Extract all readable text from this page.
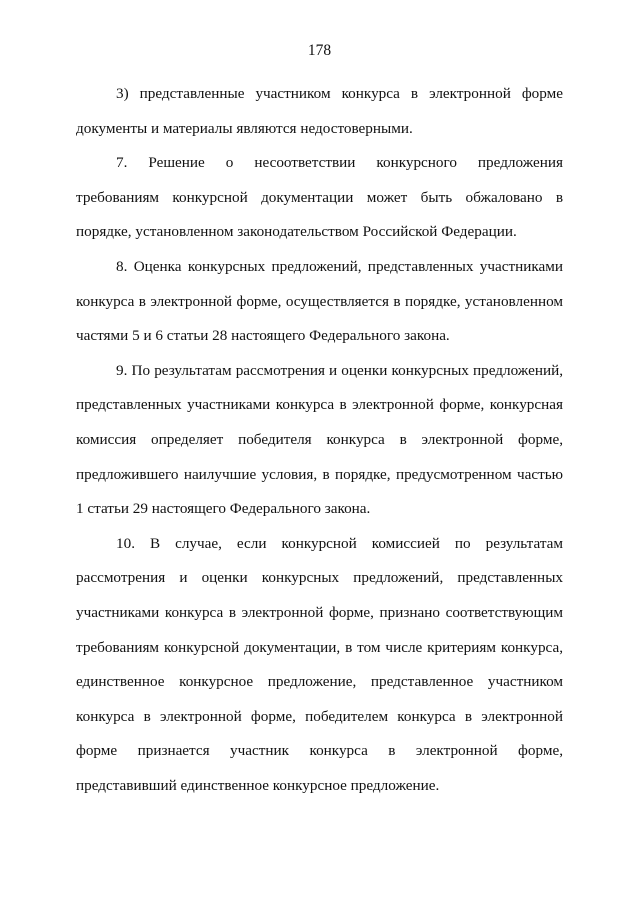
178

3) представленные участником конкурса в электронной форме документы и материалы являются недостоверными.

7. Решение о несоответствии конкурсного предложения требованиям конкурсной документации может быть обжаловано в порядке, установленном законодательством Российской Федерации.

8. Оценка конкурсных предложений, представленных участниками конкурса в электронной форме, осуществляется в порядке, установленном частями 5 и 6 статьи 28 настоящего Федерального закона.

9. По результатам рассмотрения и оценки конкурсных предложений, представленных участниками конкурса в электронной форме, конкурсная комиссия определяет победителя конкурса в электронной форме, предложившего наилучшие условия, в порядке, предусмотренном частью 1 статьи 29 настоящего Федерального закона.

10. В случае, если конкурсной комиссией по результатам рассмотрения и оценки конкурсных предложений, представленных участниками конкурса в электронной форме, признано соответствующим требованиям конкурсной документации, в том числе критериям конкурса, единственное конкурсное предложение, представленное участником конкурса в электронной форме, победителем конкурса в электронной форме признается участник конкурса в электронной форме, представивший единственное конкурсное предложение.
